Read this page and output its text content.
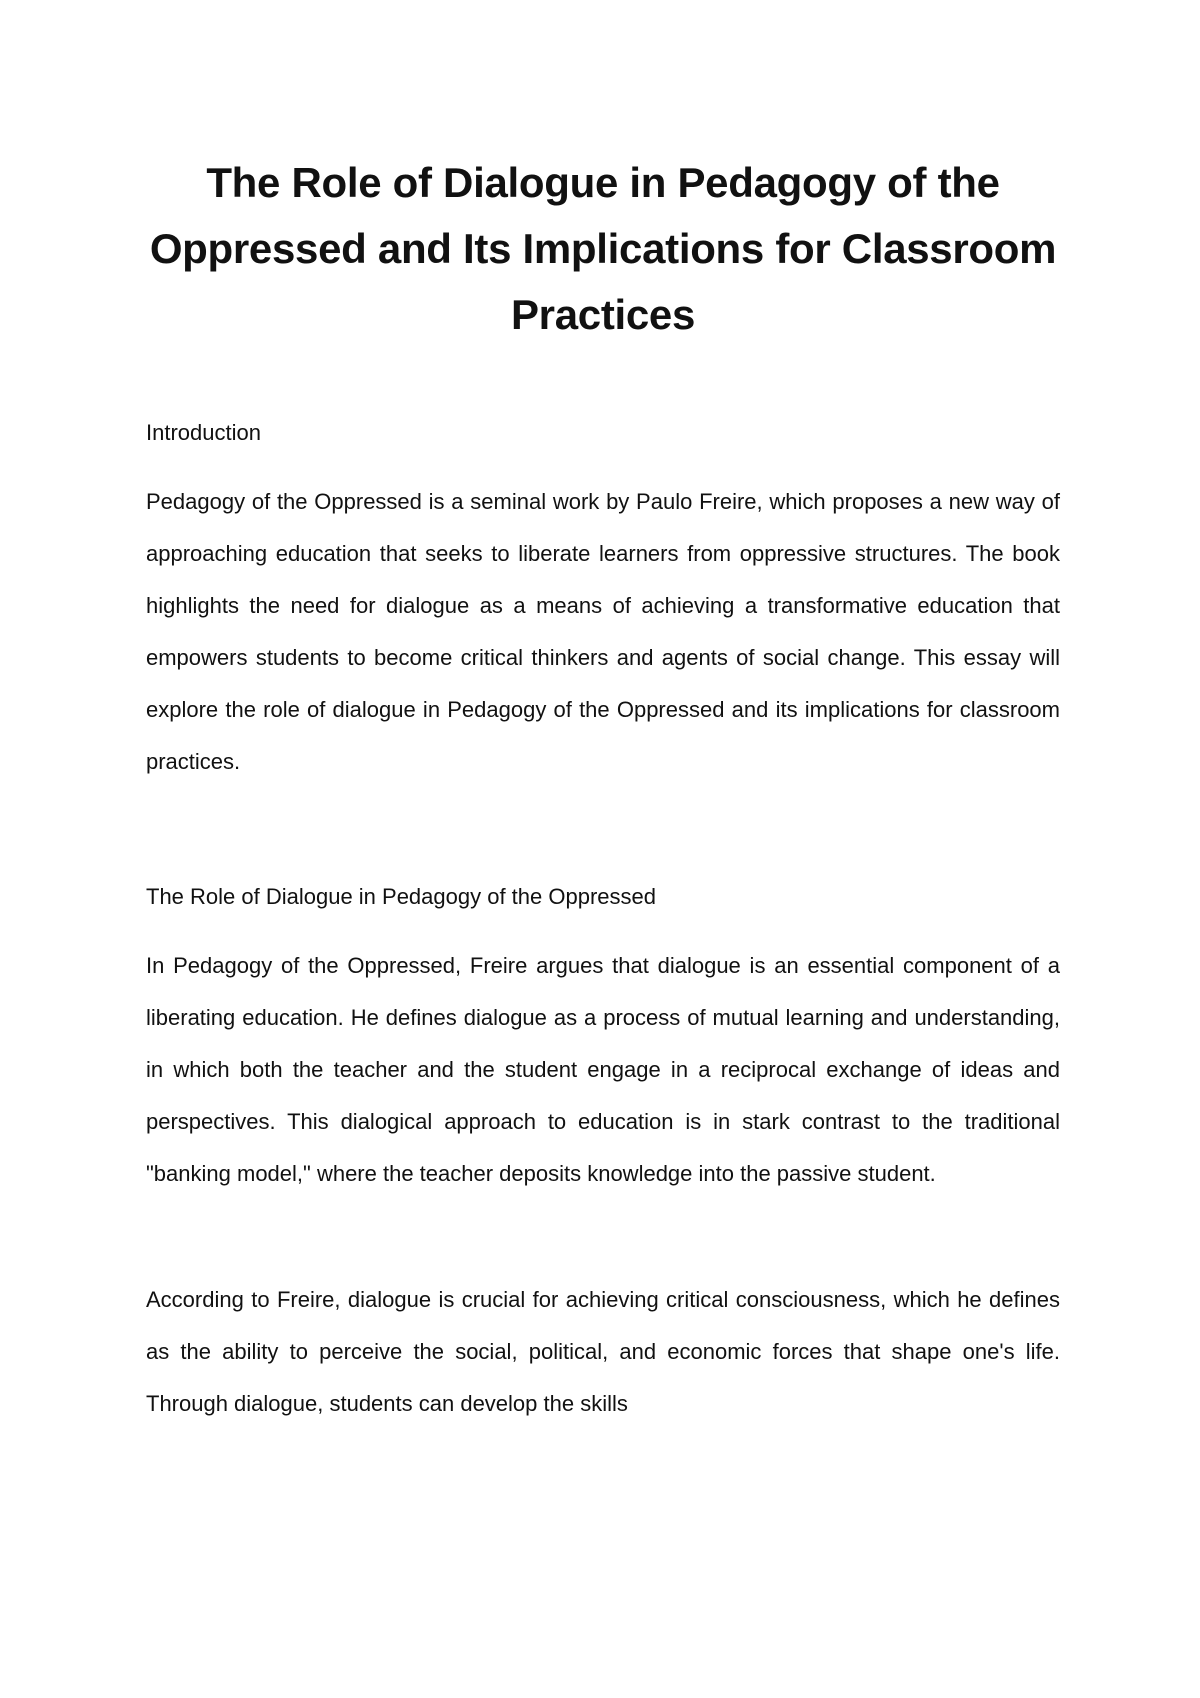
The Role of Dialogue in Pedagogy of the Oppressed and Its Implications for Classroom Practices
Introduction

Pedagogy of the Oppressed is a seminal work by Paulo Freire, which proposes a new way of approaching education that seeks to liberate learners from oppressive structures. The book highlights the need for dialogue as a means of achieving a transformative education that empowers students to become critical thinkers and agents of social change. This essay will explore the role of dialogue in Pedagogy of the Oppressed and its implications for classroom practices.

The Role of Dialogue in Pedagogy of the Oppressed

In Pedagogy of the Oppressed, Freire argues that dialogue is an essential component of a liberating education. He defines dialogue as a process of mutual learning and understanding, in which both the teacher and the student engage in a reciprocal exchange of ideas and perspectives. This dialogical approach to education is in stark contrast to the traditional "banking model," where the teacher deposits knowledge into the passive student.

According to Freire, dialogue is crucial for achieving critical consciousness, which he defines as the ability to perceive the social, political, and economic forces that shape one's life. Through dialogue, students can develop the skills
